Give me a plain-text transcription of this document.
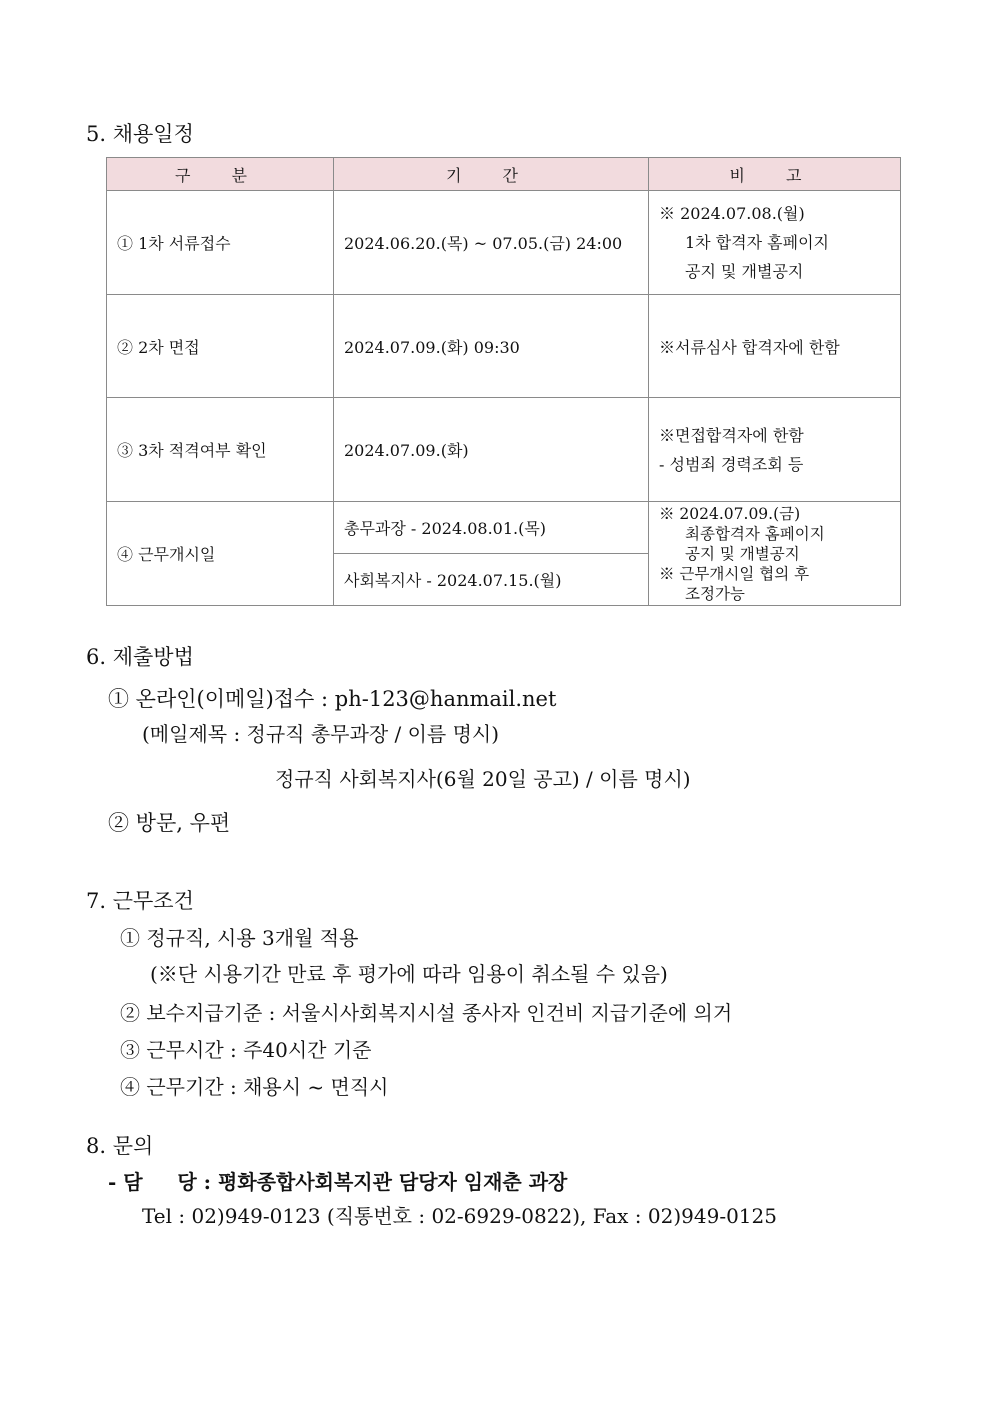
5. 채용일정
구 분	기 간	비 고
① 1차 서류접수	2024.06.20.(목) ~ 07.05.(금) 24:00	※ 2024.07.08.(월)
1차 합격자 홈페이지
공지 및 개별공지

② 2차 면접	2024.07.09.(화) 09:30	※서류심사 합격자에 한함
③ 3차 적격여부 확인	2024.07.09.(화)	※면접합격자에 한함
- 성범죄 경력조회 등

④ 근무개시일	총무과장 - 2024.08.01.(목)	※ 2024.07.09.(금)
최종합격자 홈페이지
공지 및 개별공지
※ 근무개시일 협의 후
조정가능

	사회복지사 - 2024.07.15.(월)	
6. 제출방법
① 온라인(이메일)접수 : ph-123@hanmail.net
(메일제목 : 정규직 총무과장 / 이름 명시)
정규직 사회복지사(6월 20일 공고) / 이름 명시)
② 방문, 우편
7. 근무조건
① 정규직, 시용 3개월 적용
(※단 시용기간 만료 후 평가에 따라 임용이 취소될 수 있음)
② 보수지급기준 : 서울시사회복지시설 종사자 인건비 지급기준에 의거
③ 근무시간 : 주40시간 기준
④ 근무기간 : 채용시 ~ 면직시
8. 문의
- 담     당 : 평화종합사회복지관 담당자 임재춘 과장
Tel : 02)949-0123 (직통번호 : 02-6929-0822), Fax : 02)949-0125
